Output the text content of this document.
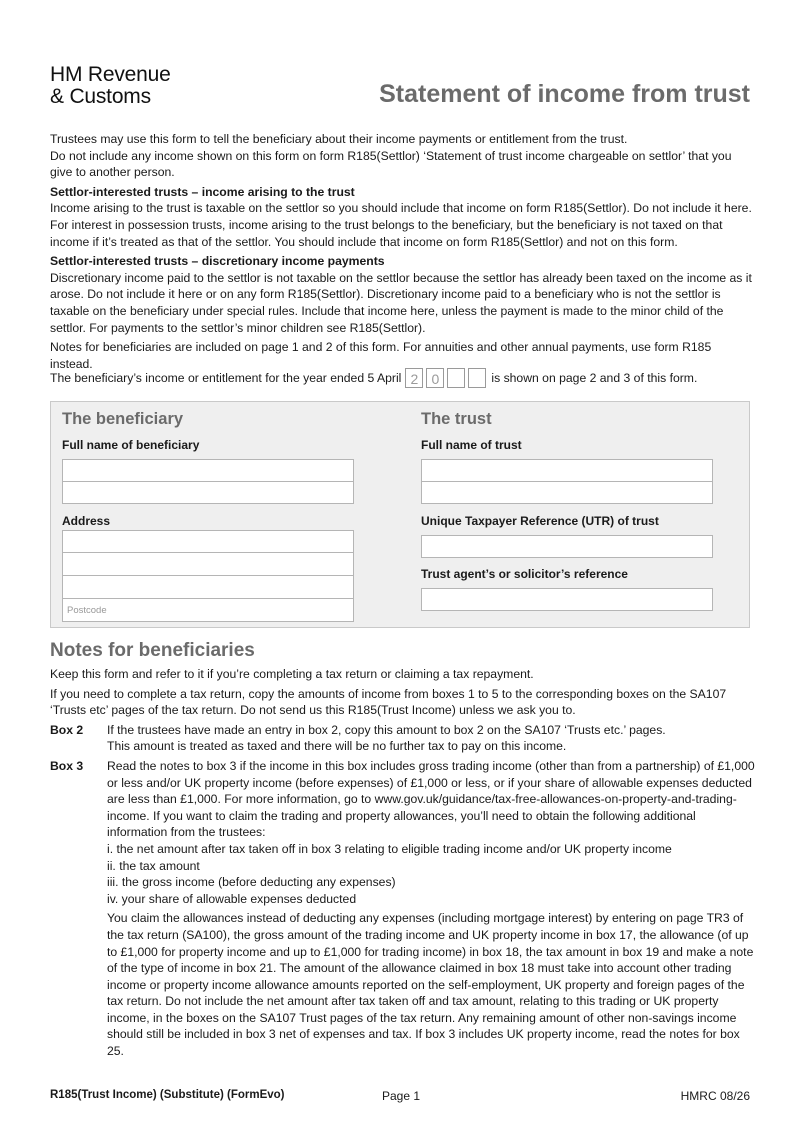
HM Revenue
& Customs	Statement of income from trust

Trustees may use this form to tell the beneficiary about their income payments or entitlement from the trust.

Do not include any income shown on this form on form R185(Settlor) ‘Statement of trust income chargeable on settlor’ that you give to another person.

Settlor-interested trusts – income arising to the trust

Income arising to the trust is taxable on the settlor so you should include that income on form R185(Settlor). Do not include it here. For interest in possession trusts, income arising to the trust belongs to the beneficiary, but the beneficiary is not taxed on that income if it’s treated as that of the settlor. You should include that income on form R185(Settlor) and not on this form.

Settlor-interested trusts – discretionary income payments

Discretionary income paid to the settlor is not taxable on the settlor because the settlor has already been taxed on the income as it arose. Do not include it here or on any form R185(Settlor). Discretionary income paid to a beneficiary who is not the settlor is taxable on the beneficiary under special rules. Include that income here, unless the payment is made to the minor child of the settlor. For payments to the settlor’s minor children see R185(Settlor).

Notes for beneficiaries are included on page 1 and 2 of this form. For annuities and other annual payments, use form R185 instead.

The beneficiary’s income or entitlement for the year ended 5 April 2 0	is shown on page 2 and 3 of this form.
The beneficiary
Full name of beneficiary
Address
Postcode
The trust
Full name of trust
Unique Taxpayer Reference (UTR) of trust
Trust agent’s or solicitor’s reference
Notes for beneficiaries

Keep this form and refer to it if you’re completing a tax return or claiming a tax repayment.

If you need to complete a tax return, copy the amounts of income from boxes 1 to 5 to the corresponding boxes on the SA107 ‘Trusts etc’ pages of the tax return. Do not send us this R185(Trust Income) unless we ask you to.

Box 2	If the trustees have made an entry in box 2, copy this amount to box 2 on the SA107 ‘Trusts etc.’ pages.
This amount is treated as taxed and there will be no further tax to pay on this income.
Box 3	Read the notes to box 3 if the income in this box includes gross trading income (other than from a partnership) of £1,000 or less and/or UK property income (before expenses) of £1,000 or less, or if your share of allowable expenses deducted are less than £1,000. For more information, go to www.gov.uk/guidance/tax-free-allowances-on-property-and-trading-income. If you want to claim the trading and property allowances, you’ll need to obtain the following additional information from the trustees:
i. the net amount after tax taken off in box 3 relating to eligible trading income and/or UK property income
ii. the tax amount
iii. the gross income (before deducting any expenses)
iv. your share of allowable expenses deducted
You claim the allowances instead of deducting any expenses (including mortgage interest) by entering on page TR3 of the tax return (SA100), the gross amount of the trading income and UK property income in box 17, the allowance (of up to £1,000 for property income and up to £1,000 for trading income) in box 18, the tax amount in box 19 and make a note of the type of income in box 21. The amount of the allowance claimed in box 18 must take into account other trading income or property income allowance amounts reported on the self-employment, UK property and foreign pages of the tax return. Do not include the net amount after tax taken off and tax amount, relating to this trading or UK property income, in the boxes on the SA107 Trust pages of the tax return. Any remaining amount of other non-savings income should still be included in box 3 net of expenses and tax. If box 3 includes UK property income, read the notes for box 25.
R185(Trust Income) (Substitute) (FormEvo)	Page 1	HMRC 08/26
